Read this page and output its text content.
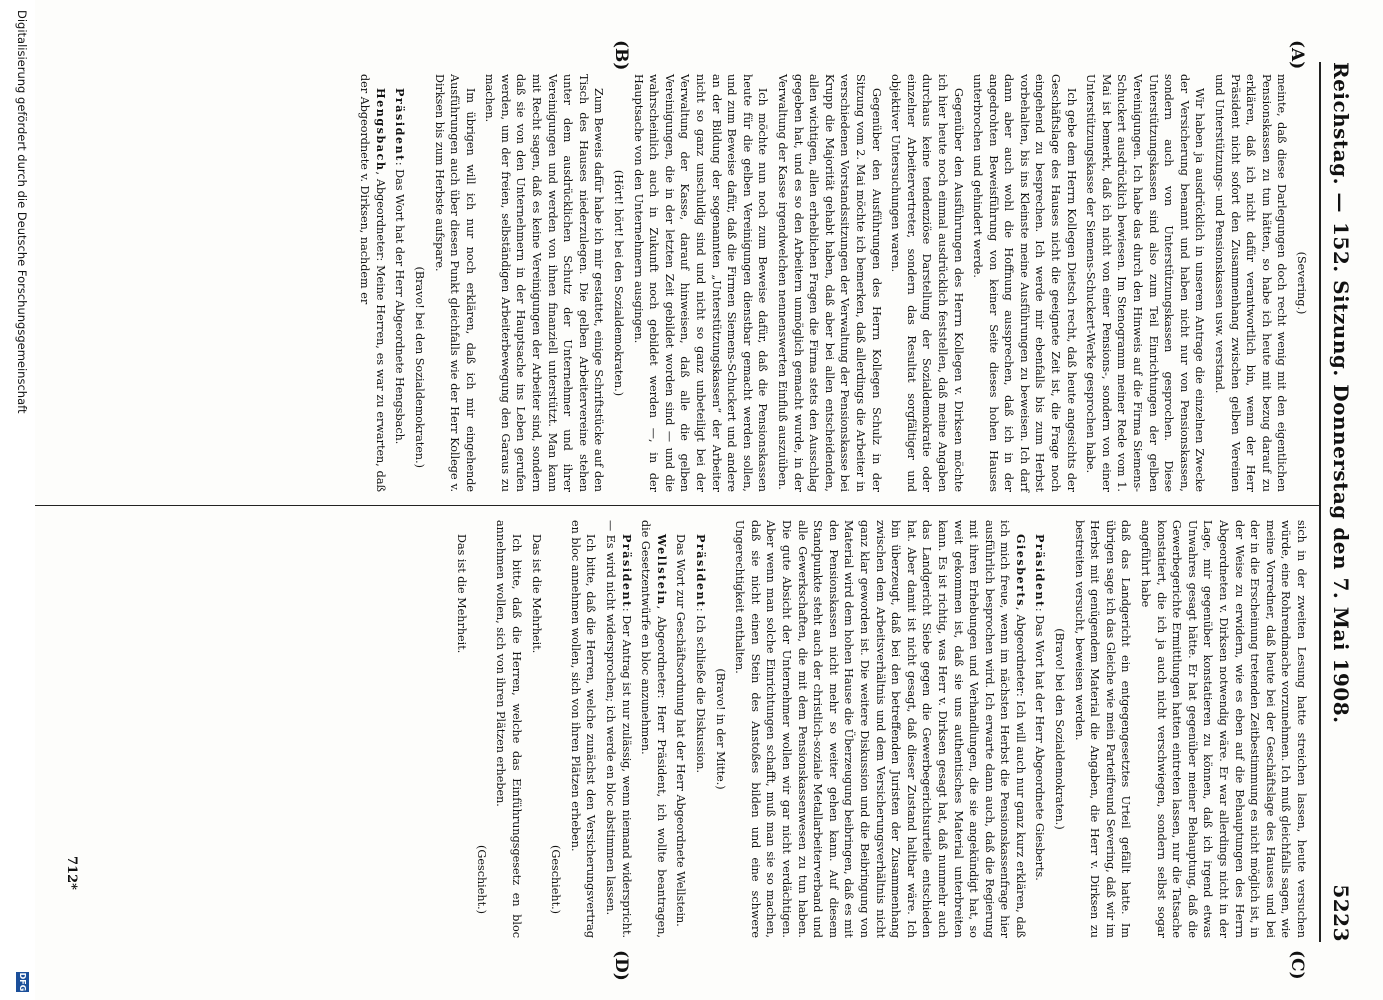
Reichstag. —
152. Sitzung. Donnerstag den 7. Mai 1908.
5223
(A)
(B)
(C)
(D)

(Severing.)

meinte, daß diese Darlegungen doch recht wenig mit den eigentlichen Pensionskassen zu tun hätten, so habe ich heute mit bezug darauf zu erklären, daß ich nicht dafür verantwortlich bin, wenn der Herr Präsident nicht sofort den Zusammenhang zwischen gelben Vereinen und Unterstützungs- und Pensionskassen usw. verstand.

Wir haben ja ausdrücklich in unserem Antrage die einzelnen Zwecke der Versicherung benannt und haben nicht nur von Pensionskassen, sondern auch von Unterstützungskassen gesprochen. Diese Unterstützungskassen sind also zum Teil Einrichtungen der gelben Vereinigungen. Ich habe das durch den Hinweis auf die Firma Siemens-Schuckert ausdrücklich bewiesen. Im Stenogramm meiner Rede vom 1. Mai ist bemerkt, daß ich nicht von einer Pensions-, sondern von einer Unterstützungskasse der Siemens-Schuckert-Werke gesprochen habe.

Ich gebe dem Herrn Kollegen Dietsch recht, daß heute angesichts der Geschäftslage des Hauses nicht die geeignete Zeit ist, die Frage noch eingehend zu besprechen. Ich werde mir ebenfalls bis zum Herbst vorbehalten, bis ins Kleinste meine Ausführungen zu beweisen. Ich darf dann aber auch wohl die Hoffnung aussprechen, daß ich in der angedrohten Beweisführung von keiner Seite dieses hohen Hauses unterbrochen und gehindert werde.

Gegenüber den Ausführungen des Herrn Kollegen v. Dirksen möchte ich hier heute noch einmal ausdrücklich feststellen, daß meine Angaben durchaus keine tendenziöse Darstellung der Sozialdemokratie oder einzelner Arbeitervertreter, sondern das Resultat sorgfältiger und objektiver Untersuchungen waren.

Gegenüber den Ausführungen des Herrn Kollegen Schulz in der Sitzung vom 2. Mai möchte ich bemerken, daß allerdings die Arbeiter in verschiedenen Vorstandssitzungen der Verwaltung der Pensionskasse bei Krupp die Majorität gehabt haben, daß aber bei allen entscheidenden, allen wichtigen, allen erheblichen Fragen die Firma stets den Ausschlag gegeben hat, und es so den Arbeitern unmöglich gemacht wurde, in der Verwaltung der Kasse irgendwelchen nennenswerten Einfluß auszuüben.

Ich möchte nun noch zum Beweise dafür, daß die Pensionskassen heute für die gelben Vereinigungen dienstbar gemacht werden sollen, und zum Beweise dafür, daß die Firmen Siemens-Schuckert und andere an der Bildung der sogenannten „Unterstützungskassen“ der Arbeiter nicht so ganz unschuldig sind und nicht so ganz unbeteiligt bei der Verwaltung der Kasse, darauf hinweisen, daß alle die gelben Vereinigungen, die in der letzten Zeit gebildet worden sind — und die wahrscheinlich auch in Zukunft noch gebildet werden —, in der Hauptsache von den Unternehmern ausgingen.

(Hört! hört! bei den Sozialdemokraten.)

Zum Beweis dafür habe ich mir gestattet, einige Schriftstücke auf den Tisch des Hauses niederzulegen. Die gelben Arbeitervereine stehen unter dem ausdrücklichen Schutz der Unternehmer und ihrer Vereinigungen und werden von ihnen finanziell unterstützt. Man kann mit Recht sagen, daß es keine Vereinigungen der Arbeiter sind, sondern daß sie von den Unternehmern in der Hauptsache ins Leben gerufen werden, um der freien, selbständigen Arbeiterbewegung den Garaus zu machen.

Im übrigen will ich nur noch erklären, daß ich mir eingehende Ausführungen auch über diesen Punkt gleichfalls wie der Herr Kollege v. Dirksen bis zum Herbste aufspare.

(Bravo! bei den Sozialdemokraten.)

Präsident: Das Wort hat der Herr Abgeordnete Hengsbach.

Hengsbach, Abgeordneter: Meine Herren, es war zu erwarten, daß der Abgeordnete v. Dirksen, nachdem er

sich in der zweiten Lesung hatte streichen lassen, heute versuchen würde, eine Rohrendmache vorzunehmen. Ich muß gleichfalls sagen, wie meine Vorredner, daß heute bei der Geschäftslage des Hauses und bei der in die Erscheinung tretenden Zeitbestimmung es nicht möglich ist, in der Weise zu erwidern, wie es eben auf die Behauptungen des Herrn Abgeordneten v. Dirksen notwendig wäre. Er war allerdings nicht in der Lage, mir gegenüber konstatieren zu können, daß ich irgend etwas Unwahres gesagt hätte. Er hat gegenüber meiner Behauptung, daß die Gewerbegerichte Ermittlungen hatten eintreten lassen, nur die Tatsache konstatiert, die ich ja auch nicht verschwiegen, sondern selbst sogar angeführt habe

daß das Landgericht ein entgegengesetztes Urteil gefällt hatte. Im übrigen sage ich das Gleiche wie mein Parteifreund Severing, daß wir im Herbst mit genügendem Material die Angaben, die Herr v. Dirksen zu bestreiten versucht, beweisen werden.

(Bravo! bei den Sozialdemokraten.)

Präsident: Das Wort hat der Herr Abgeordnete Giesberts.

Giesberts, Abgeordneter: Ich will auch nur ganz kurz erklären, daß ich mich freue, wenn im nächsten Herbst die Pensionskassenfrage hier ausführlich besprochen wird. Ich erwarte dann auch, daß die Regierung mit ihren Erhebungen und Verhandlungen, die sie angekündigt hat, so weit gekommen ist, daß sie uns authentisches Material unterbreiten kann. Es ist richtig, was Herr v. Dirksen gesagt hat, daß nunmehr auch das Landgericht Siebe gegen die Gewerbegerichtsurteile entschieden hat. Aber damit ist nicht gesagt, daß dieser Zustand haltbar wäre. Ich bin überzeugt, daß bei den betreffenden Juristen der Zusammenhang zwischen dem Arbeitsverhältnis und dem Versicherungsverhältnis nicht ganz klar geworden ist. Die weitere Diskussion und die Beibringung von Material wird dem hohen Hause die Überzeugung beibringen, daß es mit den Pensionskassen nicht mehr so weiter gehen kann. Auf diesem Standpunkte steht auch der christlich-soziale Metallarbeiterverband und alle Gewerkschaften, die mit dem Pensionskassenwesen zu tun haben. Die gute Absicht der Unternehmer wollen wir gar nicht verdächtigen. Aber wenn man solche Einrichtungen schafft, muß man sie so machen, daß sie nicht einen Stein des Anstoßes bilden und eine schwere Ungerechtigkeit enthalten.

(Bravo! in der Mitte.)

Präsident: Ich schließe die Diskussion.

Das Wort zur Geschäftsordnung hat der Herr Abgeordnete Wellstein.

Wellstein, Abgeordneter: Herr Präsident, ich wollte beantragen, die Gesetzentwürfe en bloc anzunehmen.

Präsident: Der Antrag ist nur zulässig, wenn niemand widerspricht. — Es wird nicht widersprochen; ich werde en bloc abstimmen lassen.

Ich bitte, daß die Herren, welche zunächst den Versicherungsvertrag en bloc annehmen wollen, sich von ihren Plätzen erheben.

(Geschieht.)

Das ist die Mehrheit.

Ich bitte, daß die Herren, welche das Einführungsgesetz en bloc annehmen wollen, sich von ihren Plätzen erheben.

(Geschieht.)

Das ist die Mehrheit.

712*
Digitalisierung gefördert durch die Deutsche Forschungsgemeinschaft
DFG
